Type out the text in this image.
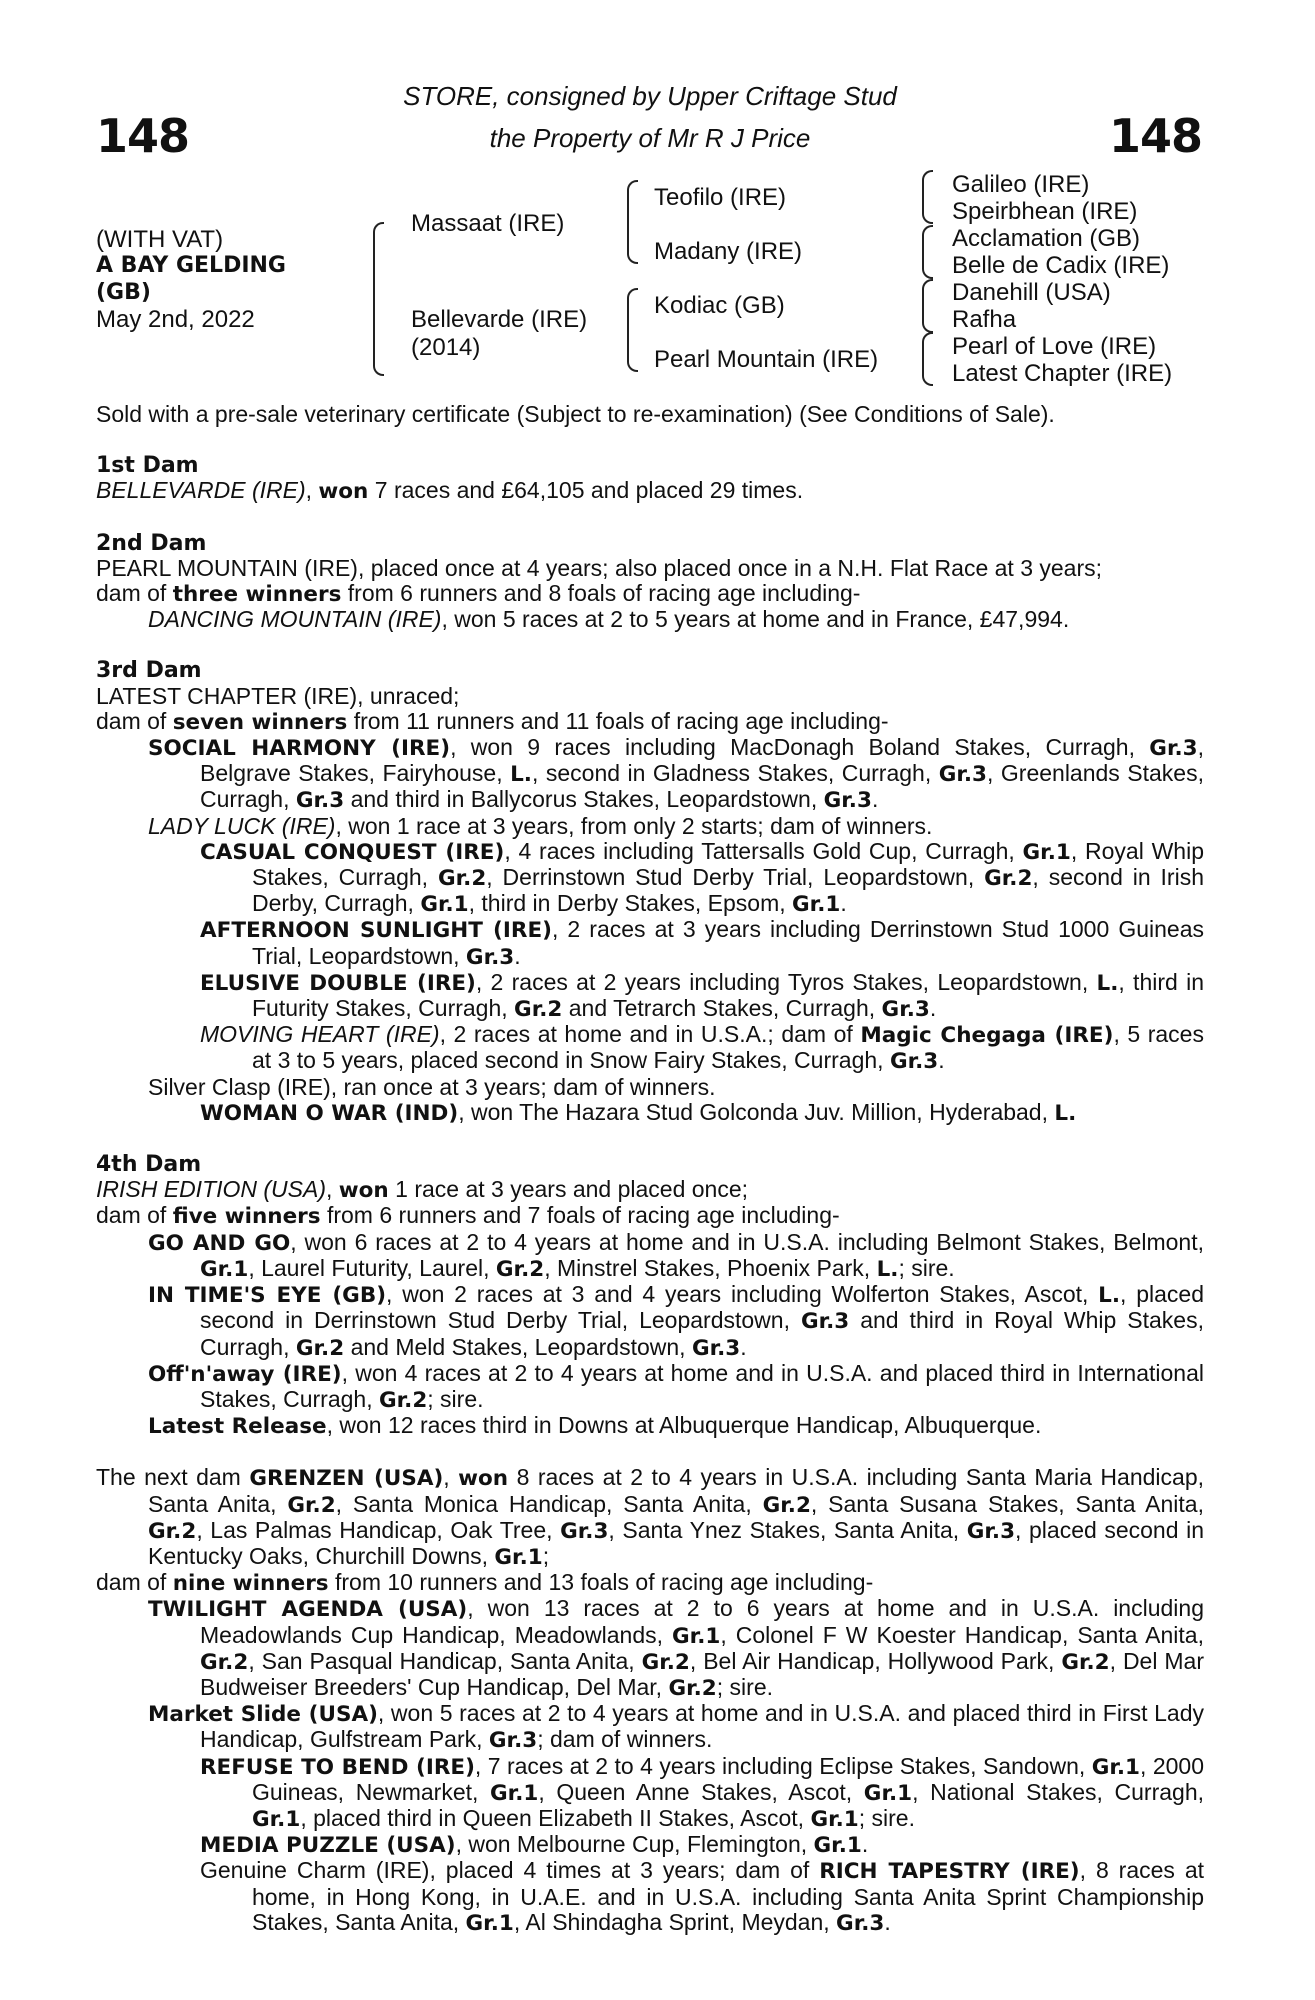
148	148
STORE, consigned by Upper Criftage Stud
the Property of Mr R J Price
(WITH VAT)
A BAY GELDING
(GB)
May 2nd, 2022
Massaat (IRE)
Bellevarde (IRE)
(2014)
Teofilo (IRE)
Madany (IRE)
Kodiac (GB)
Pearl Mountain (IRE)
Galileo (IRE)
Speirbhean (IRE)
Acclamation (GB)
Belle de Cadix (IRE)
Danehill (USA)
Rafha
Pearl of Love (IRE)
Latest Chapter (IRE)

Sold with a pre-sale veterinary certificate (Subject to re-examination) (See Conditions of Sale).

1st Dam

BELLEVARDE (IRE), won 7 races and £64,105 and placed 29 times.

2nd Dam

PEARL MOUNTAIN (IRE), placed once at 4 years; also placed once in a N.H. Flat Race at 3 years;

dam of three winners from 6 runners and 8 foals of racing age including-

DANCING MOUNTAIN (IRE), won 5 races at 2 to 5 years at home and in France, £47,994.

3rd Dam

LATEST CHAPTER (IRE), unraced;

dam of seven winners from 11 runners and 11 foals of racing age including-

SOCIAL HARMONY (IRE), won 9 races including MacDonagh Boland Stakes, Curragh, Gr.3, Belgrave Stakes, Fairyhouse, L., second in Gladness Stakes, Curragh, Gr.3, Greenlands Stakes, Curragh, Gr.3 and third in Ballycorus Stakes, Leopardstown, Gr.3.

LADY LUCK (IRE), won 1 race at 3 years, from only 2 starts; dam of winners.

CASUAL CONQUEST (IRE), 4 races including Tattersalls Gold Cup, Curragh, Gr.1, Royal Whip Stakes, Curragh, Gr.2, Derrinstown Stud Derby Trial, Leopardstown, Gr.2, second in Irish Derby, Curragh, Gr.1, third in Derby Stakes, Epsom, Gr.1.

AFTERNOON SUNLIGHT (IRE), 2 races at 3 years including Derrinstown Stud 1000 Guineas Trial, Leopardstown, Gr.3.

ELUSIVE DOUBLE (IRE), 2 races at 2 years including Tyros Stakes, Leopardstown, L., third in Futurity Stakes, Curragh, Gr.2 and Tetrarch Stakes, Curragh, Gr.3.

MOVING HEART (IRE), 2 races at home and in U.S.A.; dam of Magic Chegaga (IRE), 5 races at 3 to 5 years, placed second in Snow Fairy Stakes, Curragh, Gr.3.

Silver Clasp (IRE), ran once at 3 years; dam of winners.

WOMAN O WAR (IND), won The Hazara Stud Golconda Juv. Million, Hyderabad, L.

4th Dam

IRISH EDITION (USA), won 1 race at 3 years and placed once;

dam of five winners from 6 runners and 7 foals of racing age including-

GO AND GO, won 6 races at 2 to 4 years at home and in U.S.A. including Belmont Stakes, Belmont, Gr.1, Laurel Futurity, Laurel, Gr.2, Minstrel Stakes, Phoenix Park, L.; sire.

IN TIME'S EYE (GB), won 2 races at 3 and 4 years including Wolferton Stakes, Ascot, L., placed second in Derrinstown Stud Derby Trial, Leopardstown, Gr.3 and third in Royal Whip Stakes, Curragh, Gr.2 and Meld Stakes, Leopardstown, Gr.3.

Off'n'away (IRE), won 4 races at 2 to 4 years at home and in U.S.A. and placed third in International Stakes, Curragh, Gr.2; sire.

Latest Release, won 12 races third in Downs at Albuquerque Handicap, Albuquerque.

The next dam GRENZEN (USA), won 8 races at 2 to 4 years in U.S.A. including Santa Maria Handicap, Santa Anita, Gr.2, Santa Monica Handicap, Santa Anita, Gr.2, Santa Susana Stakes, Santa Anita, Gr.2, Las Palmas Handicap, Oak Tree, Gr.3, Santa Ynez Stakes, Santa Anita, Gr.3, placed second in Kentucky Oaks, Churchill Downs, Gr.1;

dam of nine winners from 10 runners and 13 foals of racing age including-

TWILIGHT AGENDA (USA), won 13 races at 2 to 6 years at home and in U.S.A. including Meadowlands Cup Handicap, Meadowlands, Gr.1, Colonel F W Koester Handicap, Santa Anita, Gr.2, San Pasqual Handicap, Santa Anita, Gr.2, Bel Air Handicap, Hollywood Park, Gr.2, Del Mar Budweiser Breeders' Cup Handicap, Del Mar, Gr.2; sire.

Market Slide (USA), won 5 races at 2 to 4 years at home and in U.S.A. and placed third in First Lady Handicap, Gulfstream Park, Gr.3; dam of winners.

REFUSE TO BEND (IRE), 7 races at 2 to 4 years including Eclipse Stakes, Sandown, Gr.1, 2000 Guineas, Newmarket, Gr.1, Queen Anne Stakes, Ascot, Gr.1, National Stakes, Curragh, Gr.1, placed third in Queen Elizabeth II Stakes, Ascot, Gr.1; sire.

MEDIA PUZZLE (USA), won Melbourne Cup, Flemington, Gr.1.

Genuine Charm (IRE), placed 4 times at 3 years; dam of RICH TAPESTRY (IRE), 8 races at home, in Hong Kong, in U.A.E. and in U.S.A. including Santa Anita Sprint Championship Stakes, Santa Anita, Gr.1, Al Shindagha Sprint, Meydan, Gr.3.
